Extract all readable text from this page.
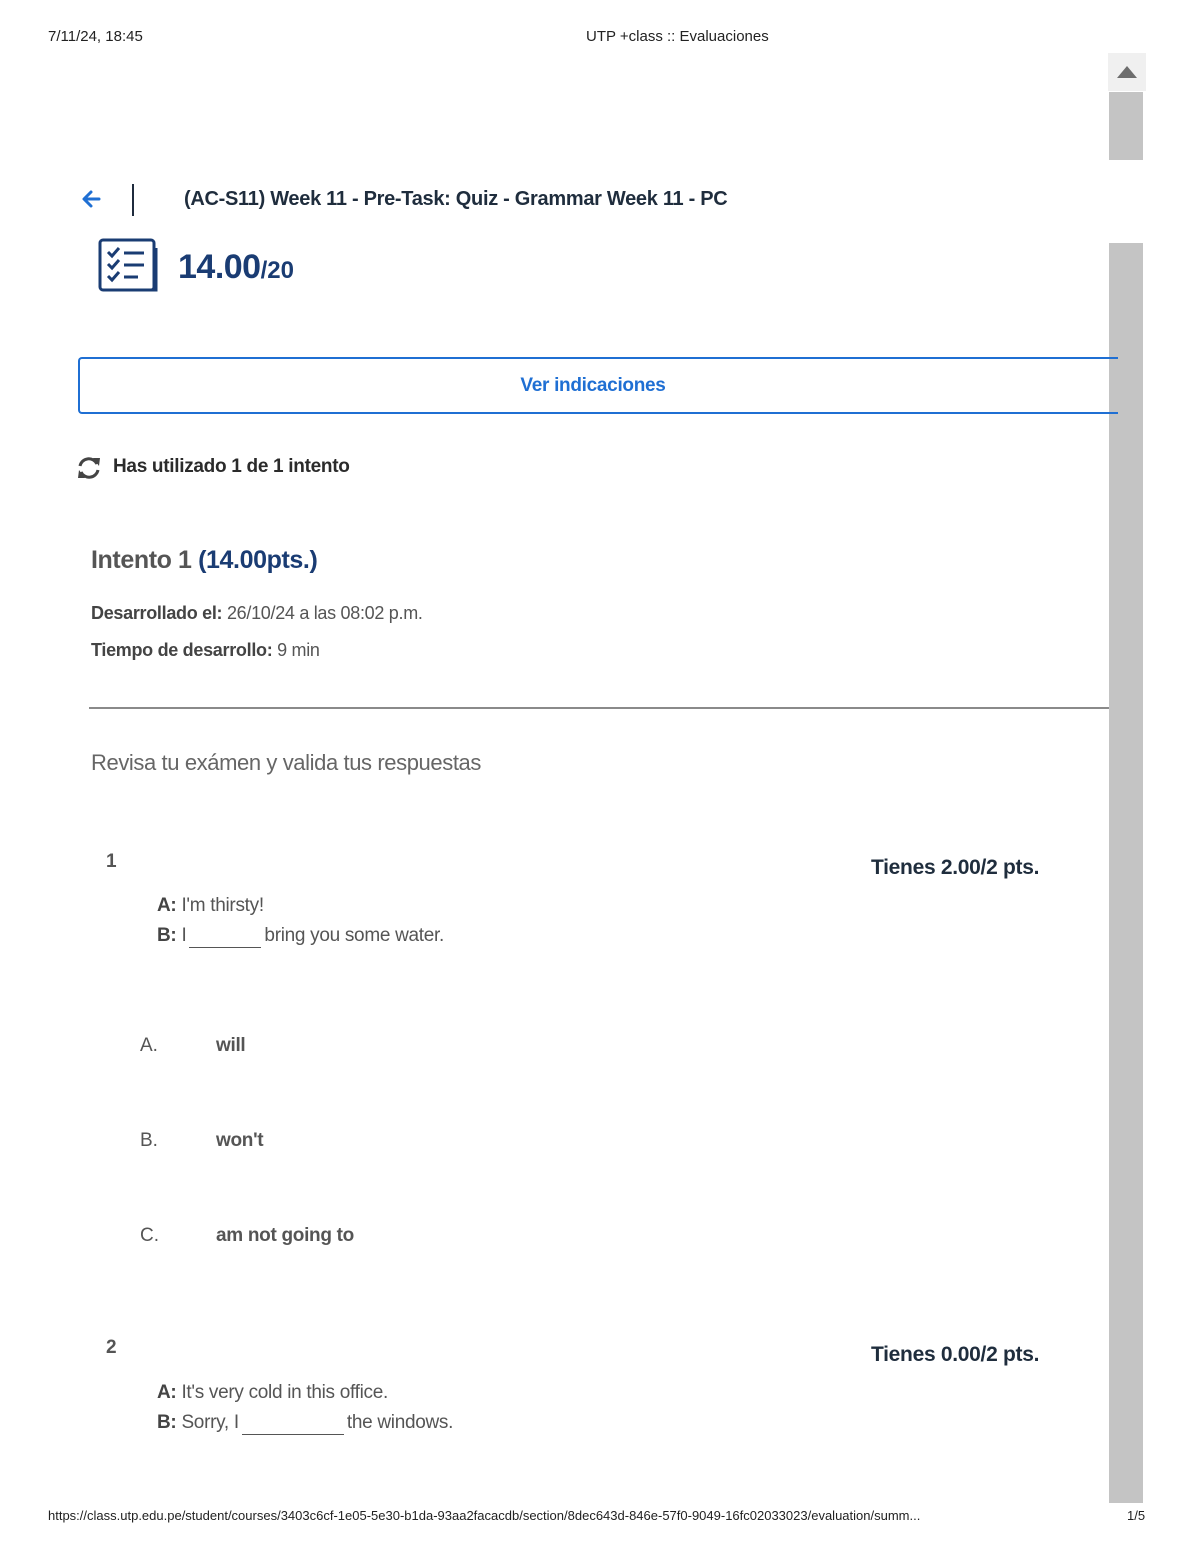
7/11/24, 18:45	UTP +class :: Evaluaciones
(AC-S11) Week 11 - Pre-Task: Quiz - Grammar Week 11 - PC
14.00/20
Ver indicaciones
Has utilizado 1 de 1 intento
Intento 1 (14.00pts.)
Desarrollado el: 26/10/24 a las 08:02 p.m.
Tiempo de desarrollo: 9 min
Revisa tu exámen y valida tus respuestas
1	Tienes 2.00/2 pts.
A: I'm thirsty!
B: I	bring you some water.
A.	will
B.	won't
C.	am not going to
2	Tienes 0.00/2 pts.
A: It's very cold in this office.
B: Sorry, I	the windows.
https://class.utp.edu.pe/student/courses/3403c6cf-1e05-5e30-b1da-93aa2facacdb/section/8dec643d-846e-57f0-9049-16fc02033023/evaluation/summ...	1/5
